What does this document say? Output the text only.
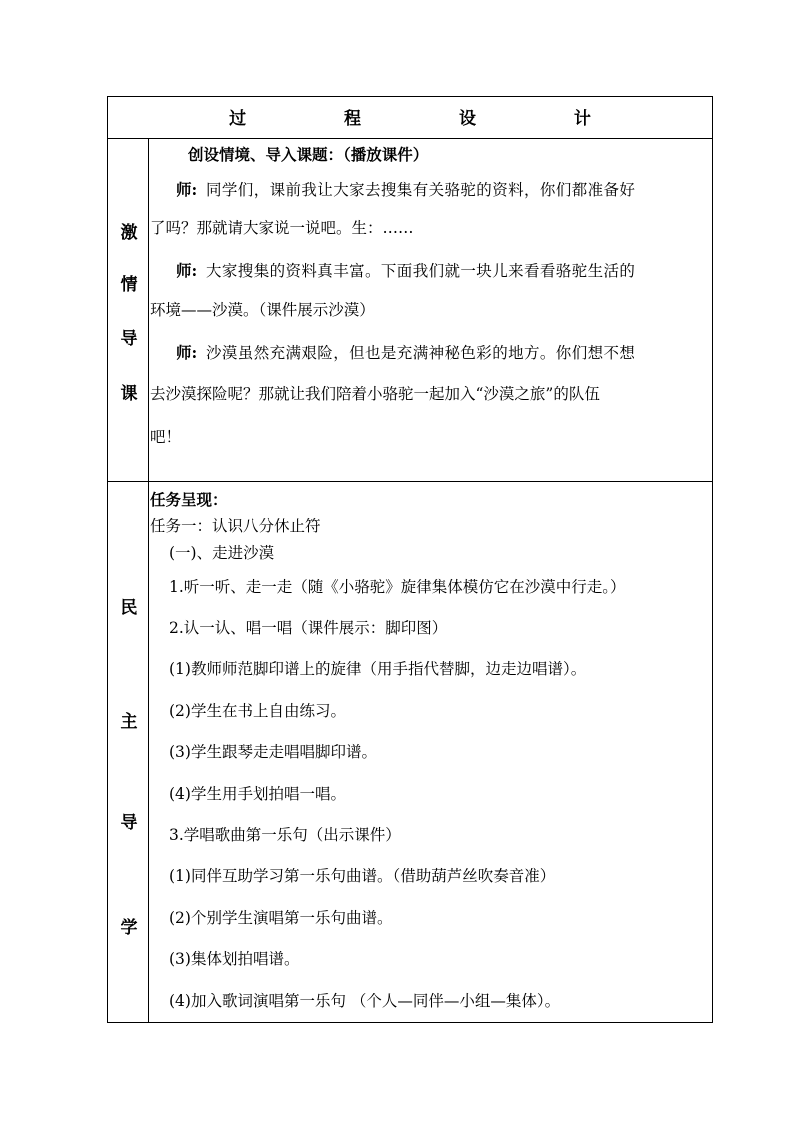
过 程 设 计
激
情
导
课
创设情境、导入课题：（播放课件）
师: 同学们，课前我让大家去搜集有关骆驼的资料，你们都准备好
了吗？那就请大家说一说吧。生：……
师: 大家搜集的资料真丰富。下面我们就一块儿来看看骆驼生活的
环境——沙漠。（课件展示沙漠）
师: 沙漠虽然充满艰险，但也是充满神秘色彩的地方。你们想不想
去沙漠探险呢？那就让我们陪着小骆驼一起加入“沙漠之旅”的队伍
吧！
民
主
导
学
任务呈现：
任务一：认识八分休止符
(一)、走进沙漠
1.听一听、走一走（随《小骆驼》旋律集体模仿它在沙漠中行走。）
2.认一认、唱一唱（课件展示：脚印图）
(1)教师师范脚印谱上的旋律（用手指代替脚，边走边唱谱）。
(2)学生在书上自由练习。
(3)学生跟琴走走唱唱脚印谱。
(4)学生用手划拍唱一唱。
3.学唱歌曲第一乐句（出示课件）
(1)同伴互助学习第一乐句曲谱。（借助葫芦丝吹奏音准）
(2)个别学生演唱第一乐句曲谱。
(3)集体划拍唱谱。
(4)加入歌词演唱第一乐句 （个人—同伴—小组—集体）。
